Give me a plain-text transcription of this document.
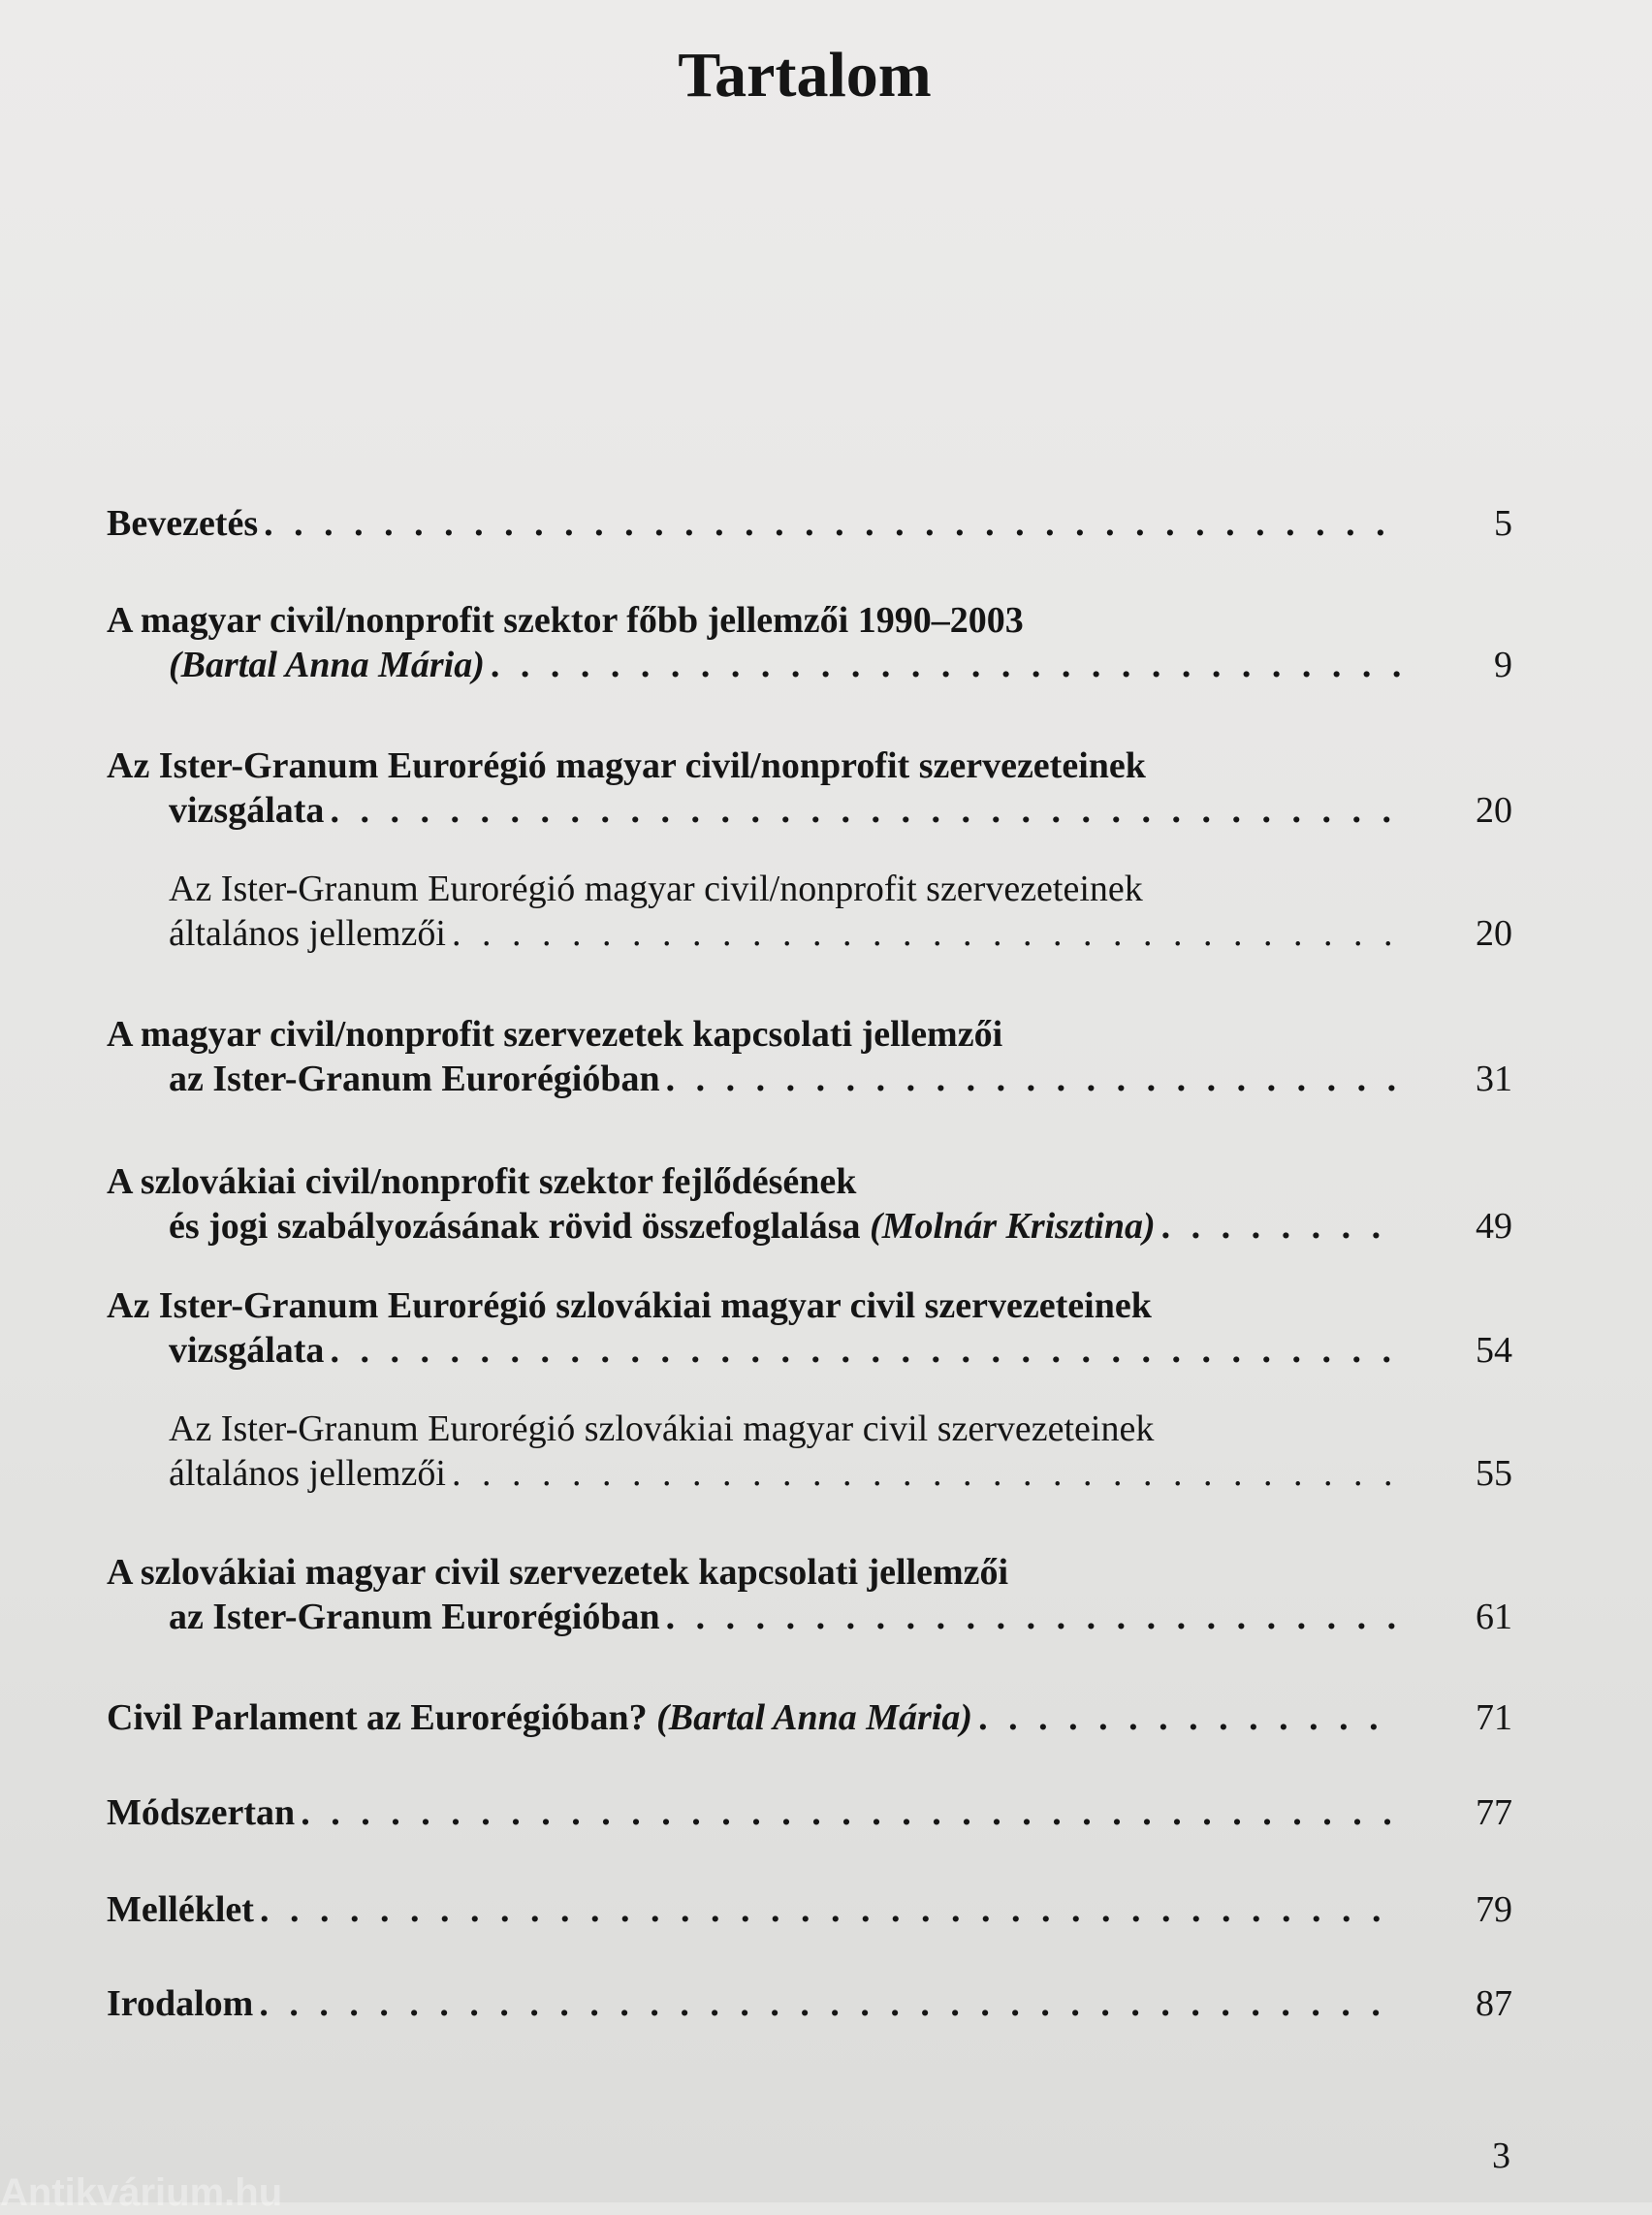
Tartalom
Bevezetés . . .	5
A magyar civil/nonprofit szektor főbb jellemzői 1990–2003
(Bartal Anna Mária) . . .	9
Az Ister-Granum Eurorégió magyar civil/nonprofit szervezeteinek
vizsgálata . . .	20
Az Ister-Granum Eurorégió magyar civil/nonprofit szervezeteinek
általános jellemzői . . .	20
A magyar civil/nonprofit szervezetek kapcsolati jellemzői
az Ister-Granum Eurorégióban . . .	31
A szlovákiai civil/nonprofit szektor fejlődésének
és jogi szabályozásának rövid összefoglalása
(Molnár Krisztina) . . .	49
Az Ister-Granum Eurorégió szlovákiai magyar civil szervezeteinek
vizsgálata . . .	54
Az Ister-Granum Eurorégió szlovákiai magyar civil szervezeteinek
általános jellemzői . . .	55
A szlovákiai magyar civil szervezetek kapcsolati jellemzői
az Ister-Granum Eurorégióban . . .	61
Civil Parlament az Eurorégióban?
(Bartal Anna Mária) . . .	71
Módszertan . . .	77
Melléklet . . .	79
Irodalom . . .	87
3
Antikvárium.hu
